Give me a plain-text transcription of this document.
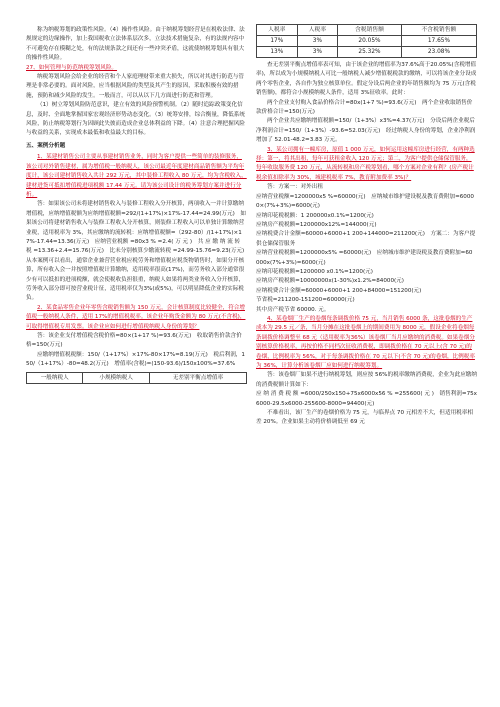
称为纳税筹划的政策性风险。（4）操作性风险。由于纳税筹划经营是在税收法律、法规规定的边缘操作，加上我国税收立法体系层次多，立法技术措施复杂，有的法规内容中不可避免存在模糊之处，有的法规条款之间还有一些冲突矛盾，这就使纳税筹划具有很大的操作性风险。

27、如何管理与防范纳税筹划风险。

纳税筹划风险会给企业的经营和个人家庭理财带来重大损失，所以对其进行防范与管理是非常必要的。面对风险，应当根据风险的类型及其产生的原因，采取积极有效的措施，预防和减少风险的发生。一般而言，可以从以下几方面进行防范和管理。

（1）树立筹划风险防范意识，建立有效的风险预警机制。（2）随时追踪政策变化信息，及时、全面地掌握国家宏观经济形势动态变化。（3）统筹安排，综合衡量，降低系统风险，防止纳税筹划行为因顾此失彼而造成企业总体利益的下降。（4）注意合理把握风险与收益的关系，实现成本最低和收益最大的目标。

五、案例分析题

1、某建材销售公司主要从事建材销售业务，同时为客户提供一些简单的装修服务，该公司对外销售建材，属为增值税一般纳税人，该公司最近年度建材商品销售额为平均年度计，该公司建材销售收入共计 292 万元，其中装修工程收入 80 万元，均为含税收入，建材进货可抵扣增值税进项税额 17.44 万元。请为该公司设计的税务筹划方案并进行分析。

答：如果该公司未将建材销售收入与装修工程收入分开核算，两项收入一并计算缴纳增值税，应纳增值税额为应纳增值税额=292/(1+17%)×17%-17.44=24.99(万元)　如果该公司将建材销售收入与装修工程收入分开核算，则装修工程收入可以单独计算缴纳营业税，适用税率为 3%，其应缴纳的流转税：应纳增值税额=（292-80）/(1+17%)×17%-17.44=13.36(万元)　应纳营业税额 =80x3 % =2.4( 万 元 )　共 应 缴 纳 流 转 税 =13.36+2.4=15.76(万元)　比未分别核算少缴流转税 =24.99-15.76=9.23(万元)　从本案例可以看出，通常企业兼营营业税应税劳务和增值税应税货物销售时，如果分开核算，所有收入会一并按照增值税计算缴纳，适用税率很高(17%)，而劳务收入部分通常很少有可以抵扣的进项税额，就会使税收负担很重，纳税人如果将两类业务收入分开核算，劳务收入部分即可按营业税计征，适用税率仅为3%(或5%)，可以明显降低企业的实际税负。

2、某食品零售企业年零售含税销售额为 150 万元，会计核算制度比较健全，符合增值税一般纳税人条件，适用 17%的增值税税率。该企业年购货金额为 80 万元(不含税)，可取得增值税专用发票。该企业应如何进行增值税纳税人身份的筹划？

答：该企业支付增值税含税价格=80×(1+17 %)=93.6(万元)　收取销售价款含价格=150(万元)

应缴纳增值税税额：150/（1+17%）×17%-80×17%=8.19(万元)　税后利润，150/（1+17%）-80=48.2(万元)　增值率(含税)=(150-93.6)/150x100%=37.6%

一般纳税人	小规模纳税人	无差别平衡点增值率
人税率	人税率	含税销售额	不含税销售额
17%	3%	20.05%	17.65%
13%	3%	25.32%	23.08%

查无差别平衡点增值率表可知，由于该企业的增值率为37.6%高于20.05%(含税增值率)，所以成为小规模纳税人可比一般纳税人减少增值税税款的缴纳，可以将该企业分设成两个零售企业，各自作为独立核算单位。假定分设后两企业的年销售额均为 75 万元(含税销售额)，都符合小规模纳税人条件，适用 3%征收率。此时：

两个企业支付购入食品价格合计=80x(1+7 %)=93.6(万元)　两个企业收取销售价款价格合计=150(万元)

两个企业共应缴纳增值税额=150/（1+3%）x3%=4.37(万元)　分设后两企业税后净利润合计=150/（1+3%）-93.6=52.03(万元)　经过纳税人身份的筹划，企业净利润增加了 52.01-48.2=3.83 万元。

3、某公司拥有一幢库房，原值 1 000 万元，如何运用这幢库房进行经营，有两种选择：第一，将其出租，每年可获租金收入 120 万元；第二，为客户提供仓储保管服务，每年收取服务费 120 万元，从流转税和房产税筹划看，哪个方案对企业有利？(房产税计税余值扣除率为 30%，城建税税率 7%，教育附加费率 3%)？

答：方案一：对外出租

应纳营业税额=1200000x5 %=60000(元)　应纳城市维护建设税及教育费附加=60000×(7%+3%)=6000(元)

应纳印花税税额：1 200000x0.1%=1200(元)

应纳房产税税额=1200000x12%=144000(元)

应纳税费合计金额=60000+6000+1 200+144000=211200(元)　方案二：为客户提供仓储保管服务

应纳营业税税额=1200000x5% =60000(元)　应纳城市维护建设税及教育费附加=60 000x(7%+3%)=6000(元)

应纳印花税税额=1200000 x0.1%=1200(元)

应纳房产税税额=10000000x(1-30%)x1.2%=84000(元)

应纳税费合计金额=60000+6000+1 200+84000=151200(元)

节省税=211200-151200=60000(元)

其中房产税节省 60000. 元。

4、某卷烟厂生产的卷烟每条调拨价格 75 元，当月销售 6000 条，这批卷烟的生产成本为 29.5 元／条，当月分摊在这批卷烟上的期间费用为 8000 元，假设企业将卷烟每条调拨价格调整至 68 元（适用税率为36%）该卷烟厂当月应缴纳的消费税。如果卷烟分别核算价格税率，再按价格不同档次征收消费税，即调拨价格在 70 元以上(含 70 元)的卷烟，比例税率为 56%，对于每条调拨价格在 70 元以下(不含 70 元)的卷烟，比例税率为 36%，计算分析该卷烟厂应如何进行纳税筹划。

答：该卷烟厂如果不进行纳税筹划，则应按 56%的税率缴纳消费税，企业为此应缴纳的消费税额计算如下：

应 纳 消 费 税 额 =6000/250x150+75x6000x56 % =255600( 元 )　销售利润=75x6000-29.5x6000-255600-8000=94400(元)

不难看出，该厂生产的卷烟价格为 75 元，与临界点 70 元相差不大，但适用税率相差 20%。企业如果主动将价格调低至 69 元
